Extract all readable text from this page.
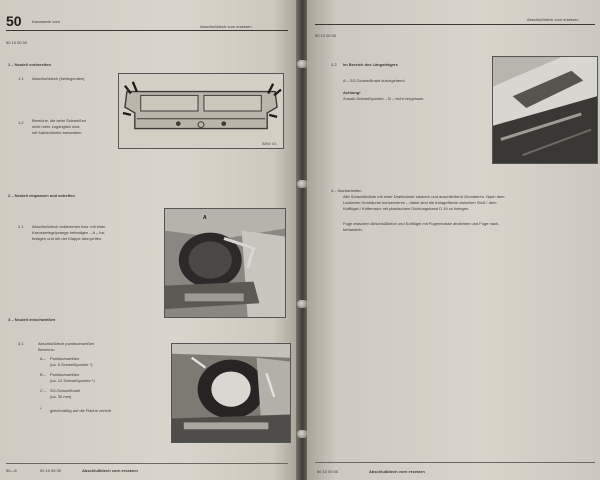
50	Karosserie vorn
Abschlußblech vorn ersetzen
50 10 00 00
1 – Neuteil vorbereiten
1.1 Abschlußblech (beiliegendes)
1.2 Bereiche, die beim Schweißen
nicht mehr zugänglich sind,
mit Kaltzinkfarbe behandeln.
BMW 5/1
2 – Neuteil einpassen und anheften
2.1 Abschlußblech anklemmen bzw. mit einer
Karosseriegripzange befestigen – A – ba-
festigen und mit der Klappe überprüfen.
A
3 – Neuteil einschweißen
3.1	Abschlußblech punktschweißen
Bereiche:
A – Punktschweißen
(ca. 6 Schweißpunkte *)
B – Punktschweißen
(ca. 12 Schweißpunkte *)
C – SG-Schweißnaht
(ca. 30 mm)
* gleichmäßig auf die Fläche verteilt
50—6	50 10 55 00	Abschlußblech vorn ersetzen
Abschlußblech vorn ersetzen
50 10 00 00
3.2 Im Bereich des Längsträgers
A – SG-Schweißnaht durchgehend
Achtung!
Zusatz-Schweißpunkte – B – nicht vergessen.
4 – Nacharbeiten
Alle Schweißnähte mit einer Drahtbürste säubern und anschließend Grundieren. Nach dem
Lackieren Hohlräume konservieren – dabei sind die Anlagefläche zwischen Stoß / dem
Kotflügel / Kofferraum mit plastischem Dichtungsband D 19 zu belegen.
Fuge zwischen Abschlußblech und Kotflügel mit Fugenmasse abdichten und Fuge nach-
behandeln.
50 10 00 00	Abschlußblech vorn ersetzen
